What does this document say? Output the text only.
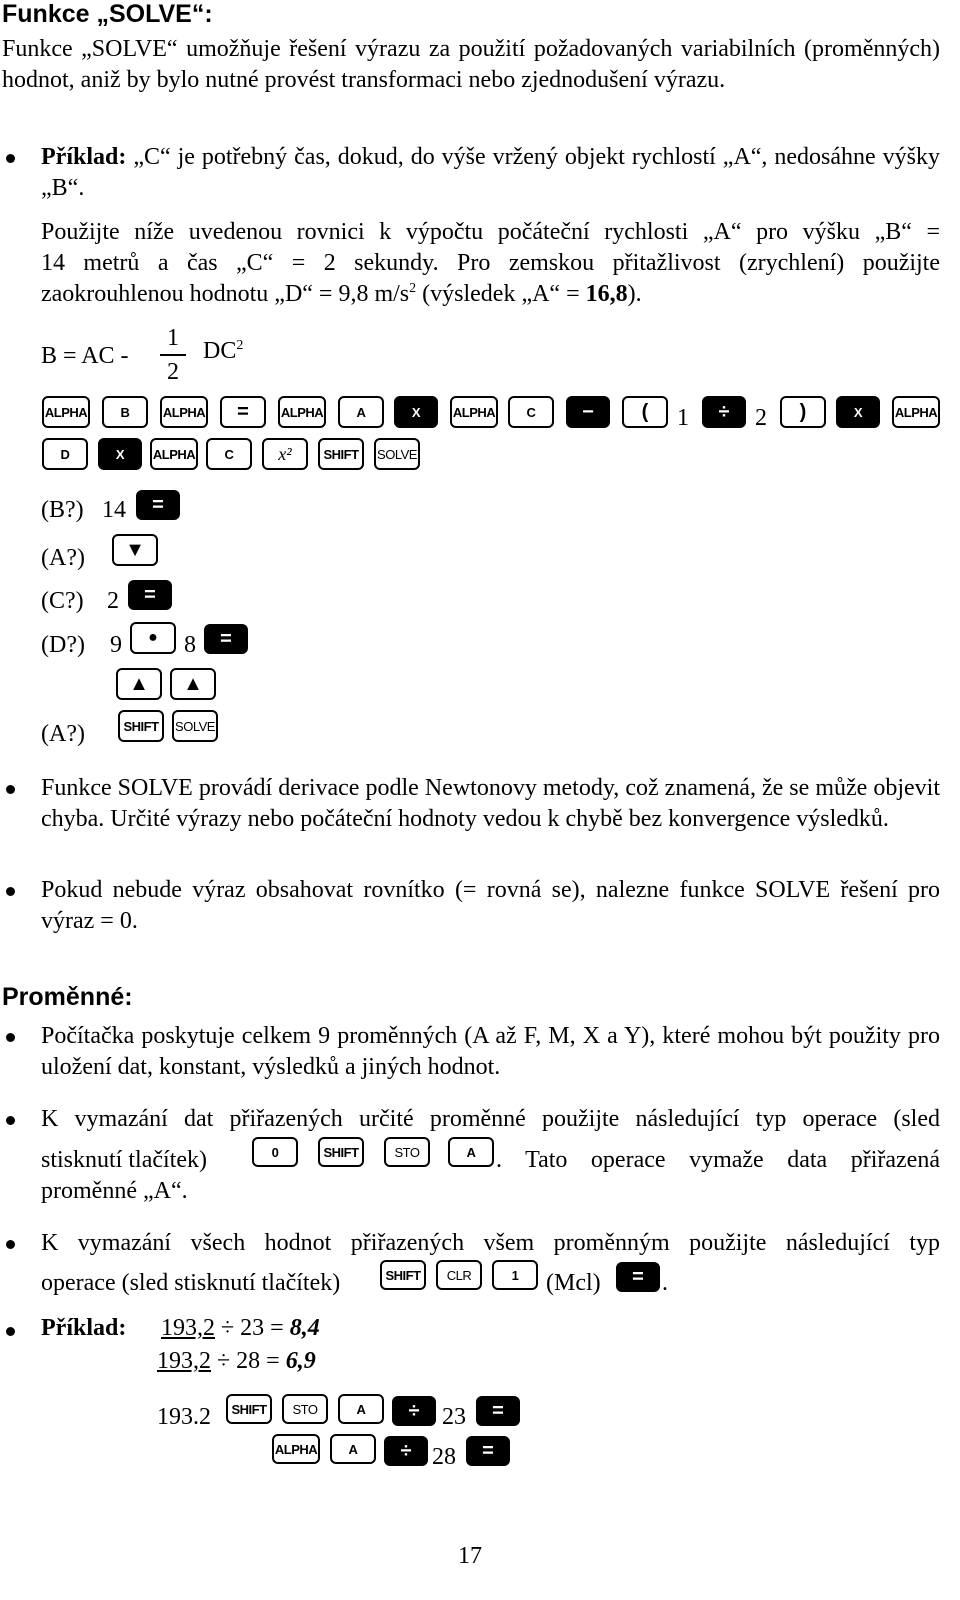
Funkce „SOLVE“:
Funkce „SOLVE“ umožňuje řešení výrazu za použití požadovaných variabilních (proměnných) hodnot, aniž by bylo nutné provést transformaci nebo zjednodušení výrazu.
Příklad: „C“ je potřebný čas, dokud, do výše vržený objekt rychlostí „A“, nedosáhne výšky „B“.
Použijte níže uvedenou rovnici k výpočtu počáteční rychlosti „A“ pro výšku „B“ =
14 metrů a čas „C“ = 2 sekundy. Pro zemskou přitažlivost (zrychlení) použijte
zaokrouhlenou hodnotu „D“ = 9,8 $m/s^2$ (výsledek „A“ = 16,8).
B = AC -
1
2
$DC^2$
ALPHA	B	ALPHA = ALPHA	A	X	ALPHA C − ( 1 ÷ 2 )	X	ALPHA
D	X ALPHA C x² SHIFT SOLVE
(B?) 14 =
(A?) ▼
(C?) 2 =
(D?) 9 ● 8 =
▲ ▲
(A?)	SHIFT SOLVE
Funkce SOLVE provádí derivace podle Newtonovy metody, což znamená, že se může objevit chyba. Určité výrazy nebo počáteční hodnoty vedou k chybě bez konvergence výsledků.
Pokud nebude výraz obsahovat rovnítko (= rovná se), nalezne funkce SOLVE řešení pro výraz = 0.
Proměnné:
Počítačka poskytuje celkem 9 proměnných (A až F, M, X a Y), které mohou být použity pro uložení dat, konstant, výsledků a jiných hodnot.
K vymazání dat přiřazených určité proměnné použijte následující typ operace (sled
stisknutí tlačítek)	0	SHIFT	STO	A . Tato operace vymaže data přiřazená
proměnné „A“.
K vymazání všech hodnot přiřazených všem proměnným použijte následující typ
operace (sled stisknutí tlačítek)	SHIFT CLR	1 (Mcl) = .
Příklad: 193,2 ÷ 23 = 8,4
193,2 ÷ 28 = 6,9
193.2 SHIFT STO	A ÷ 23 =
ALPHA A ÷ 28 =
17
